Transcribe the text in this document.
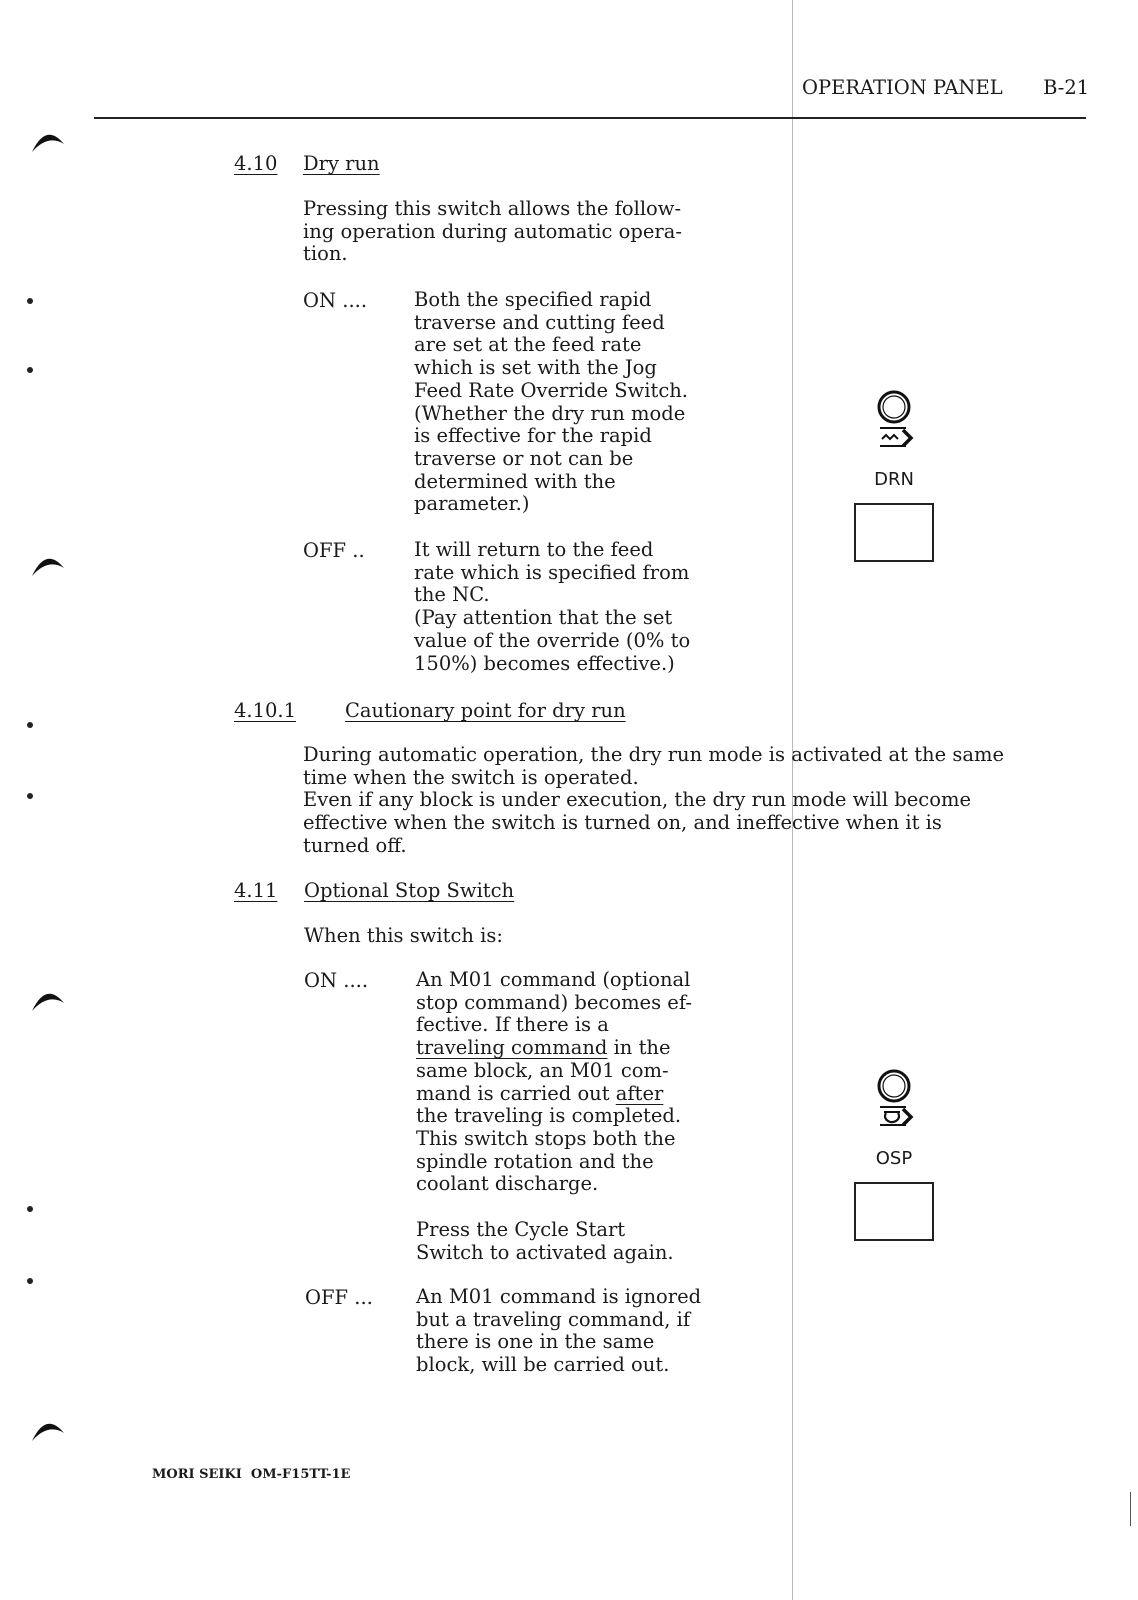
OPERATION PANEL B-21
4.10 Dry run
Pressing this switch allows the follow-
ing operation during automatic opera-
tion.
ON .... Both the specified rapid
traverse and cutting feed
are set at the feed rate
which is set with the Jog
Feed Rate Override Switch.
(Whether the dry run mode
is effective for the rapid
traverse or not can be
determined with the
parameter.)
OFF ..	It will return to the feed
rate which is specified from
the NC.
(Pay attention that the set
value of the override (0% to
150%) becomes effective.)
DRN
4.10.1	Cautionary point for dry run
During automatic operation, the dry run mode is activated at the same
time when the switch is operated.
Even if any block is under execution, the dry run mode will become
effective when the switch is turned on, and ineffective when it is
turned off.
4.11 Optional Stop Switch
When this switch is:
ON .... An M01 command (optional
stop command) becomes ef-
fective. If there is a
traveling command in the
same block, an M01 com-
mand is carried out after
the traveling is completed.
This switch stops both the
spindle rotation and the
coolant discharge.
Press the Cycle Start
Switch to activated again.
OFF ... An M01 command is ignored
but a traveling command, if
there is one in the same
block, will be carried out.
OSP
MORI SEIKI  OM-F15TT-1E
